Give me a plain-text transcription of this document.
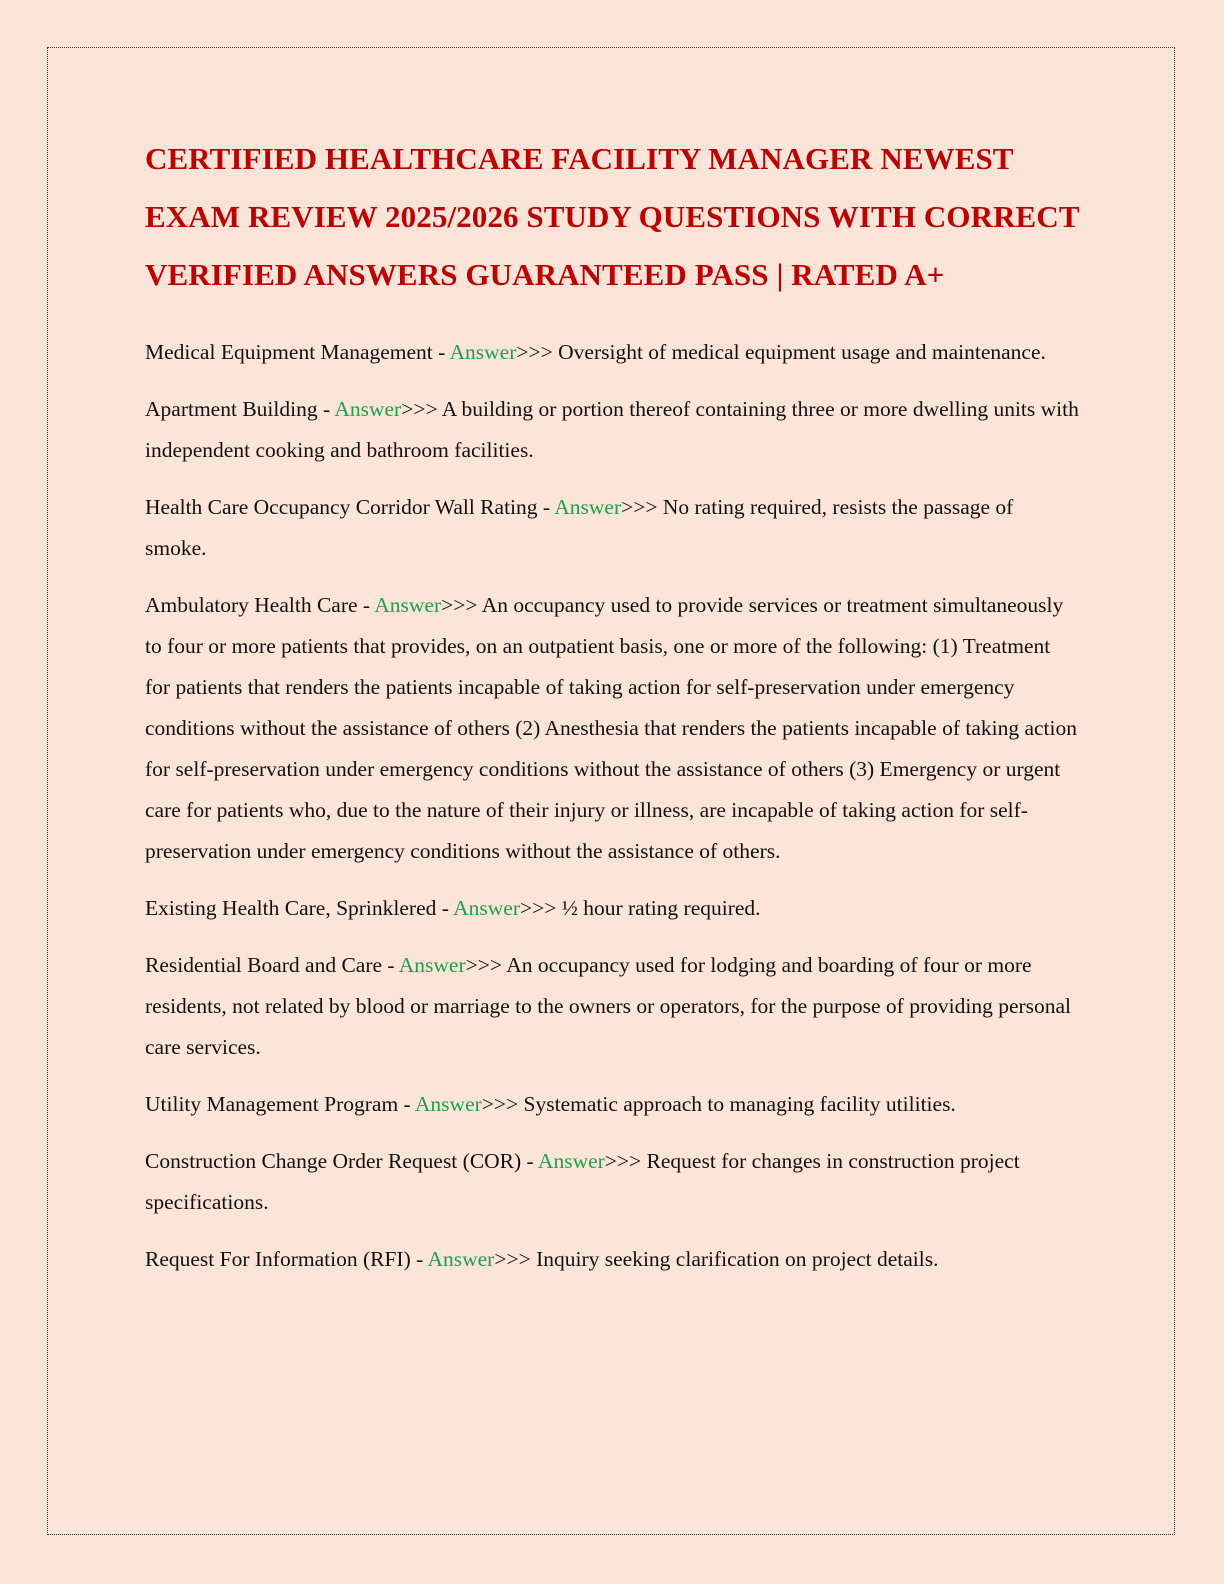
CERTIFIED HEALTHCARE FACILITY MANAGER NEWEST EXAM REVIEW 2025/2026 STUDY QUESTIONS WITH CORRECT VERIFIED ANSWERS GUARANTEED PASS | RATED A+

Medical Equipment Management - Answer>>> Oversight of medical equipment usage and maintenance.

Apartment Building - Answer>>> A building or portion thereof containing three or more dwelling units with independent cooking and bathroom facilities.

Health Care Occupancy Corridor Wall Rating - Answer>>> No rating required, resists the passage of smoke.

Ambulatory Health Care - Answer>>> An occupancy used to provide services or treatment simultaneously to four or more patients that provides, on an outpatient basis, one or more of the following: (1) Treatment for patients that renders the patients incapable of taking action for self-preservation under emergency conditions without the assistance of others (2) Anesthesia that renders the patients incapable of taking action for self-preservation under emergency conditions without the assistance of others (3) Emergency or urgent care for patients who, due to the nature of their injury or illness, are incapable of taking action for self-preservation under emergency conditions without the assistance of others.

Existing Health Care, Sprinklered - Answer>>> ½ hour rating required.

Residential Board and Care - Answer>>> An occupancy used for lodging and boarding of four or more residents, not related by blood or marriage to the owners or operators, for the purpose of providing personal care services.

Utility Management Program - Answer>>> Systematic approach to managing facility utilities.

Construction Change Order Request (COR) - Answer>>> Request for changes in construction project specifications.

Request For Information (RFI) - Answer>>> Inquiry seeking clarification on project details.
